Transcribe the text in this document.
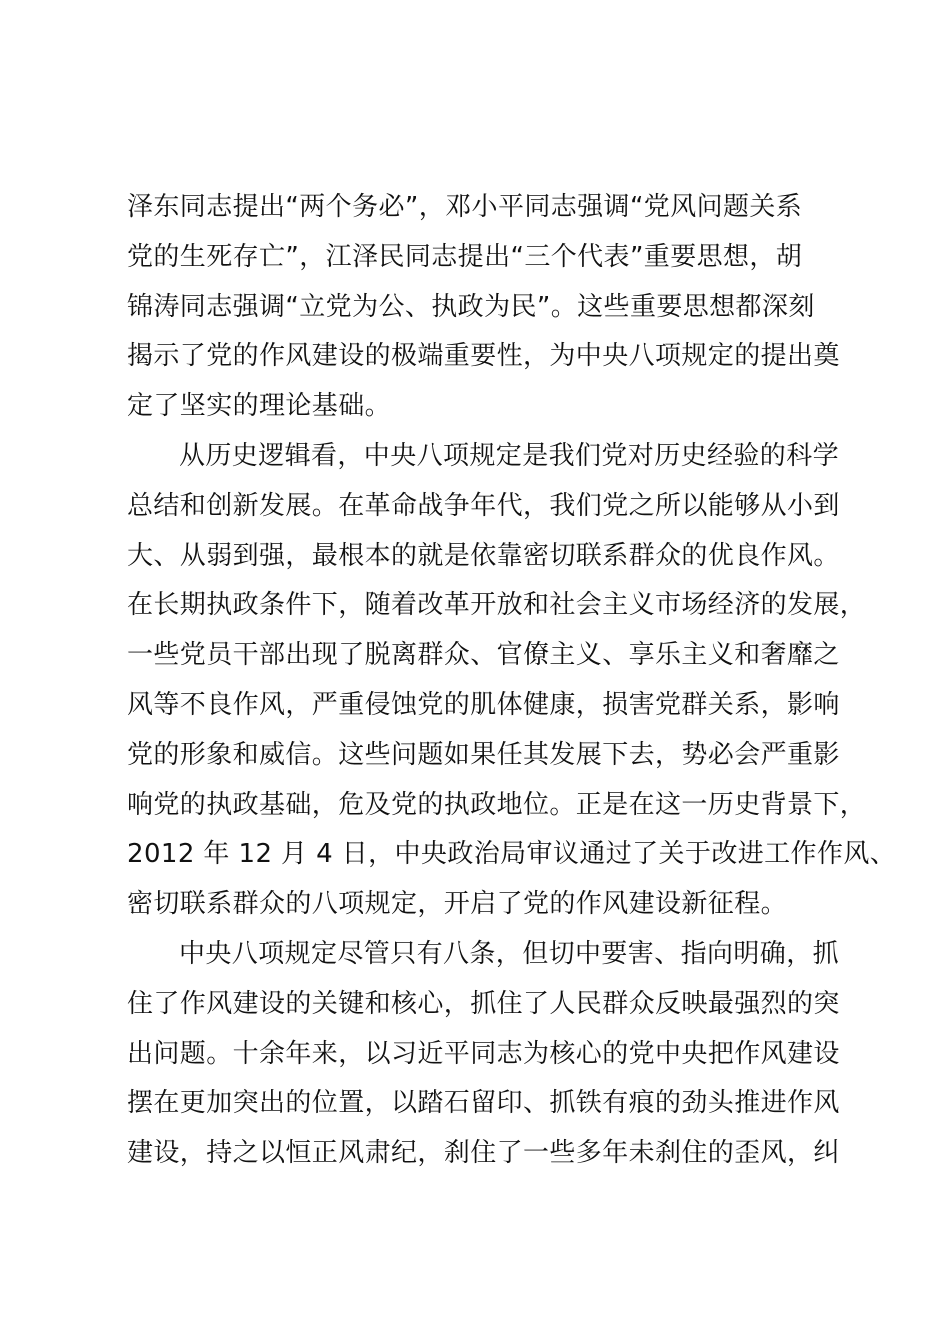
泽东同志提出“两个务必”，邓小平同志强调“党风问题关系
党的生死存亡”，江泽民同志提出“三个代表”重要思想，胡
锦涛同志强调“立党为公、执政为民”。这些重要思想都深刻
揭示了党的作风建设的极端重要性，为中央八项规定的提出奠
定了坚实的理论基础。
从历史逻辑看，中央八项规定是我们党对历史经验的科学
总结和创新发展。在革命战争年代，我们党之所以能够从小到
大、从弱到强，最根本的就是依靠密切联系群众的优良作风。
在长期执政条件下，随着改革开放和社会主义市场经济的发展，
一些党员干部出现了脱离群众、官僚主义、享乐主义和奢靡之
风等不良作风，严重侵蚀党的肌体健康，损害党群关系，影响
党的形象和威信。这些问题如果任其发展下去，势必会严重影
响党的执政基础，危及党的执政地位。正是在这一历史背景下，
2012 年 12 月 4 日，中央政治局审议通过了关于改进工作作风、
密切联系群众的八项规定，开启了党的作风建设新征程。
中央八项规定尽管只有八条，但切中要害、指向明确，抓
住了作风建设的关键和核心，抓住了人民群众反映最强烈的突
出问题。十余年来，以习近平同志为核心的党中央把作风建设
摆在更加突出的位置，以踏石留印、抓铁有痕的劲头推进作风
建设，持之以恒正风肃纪，刹住了一些多年未刹住的歪风，纠
